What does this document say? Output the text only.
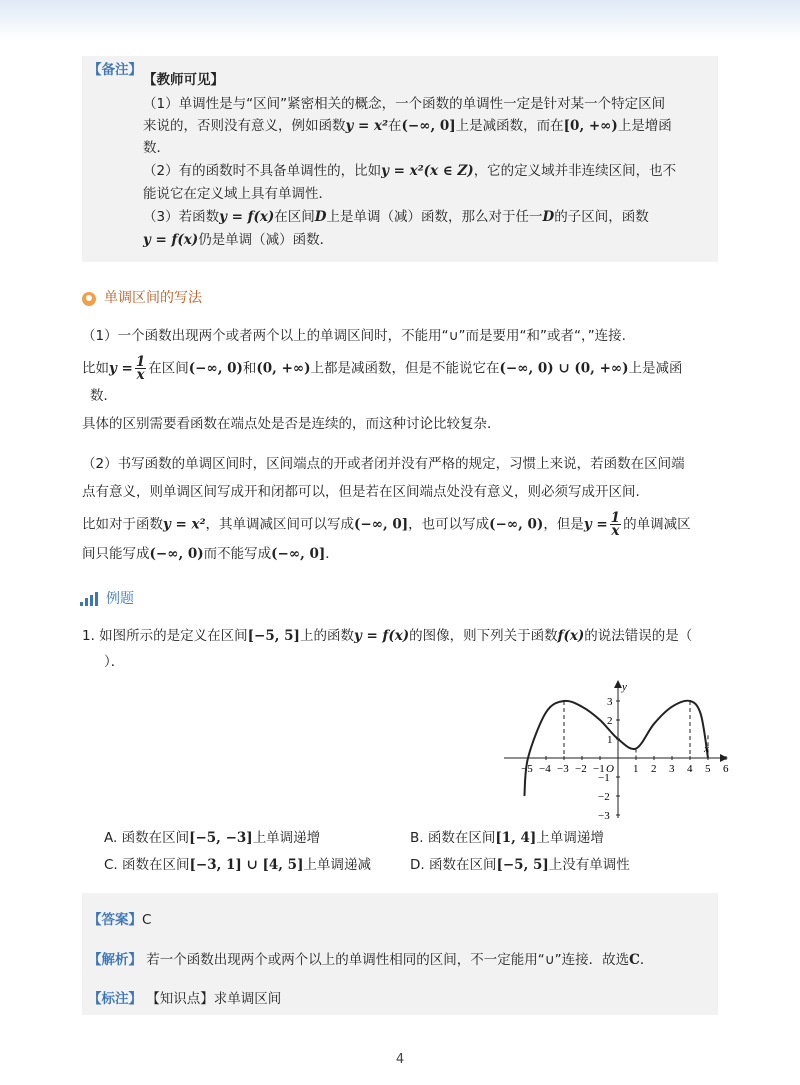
【备注】
【教师可见】
（1）单调性是与“区间”紧密相关的概念，一个函数的单调性一定是针对某一个特定区间
来说的，否则没有意义，例如函数y = x²在(−∞, 0]上是减函数，而在[0, +∞)上是增函
数．
（2）有的函数时不具备单调性的，比如y = x²(x ∈ Z)，它的定义域并非连续区间，也不
能说它在定义域上具有单调性．
（3）若函数y = f(x)在区间D上是单调（减）函数，那么对于任一D的子区间，函数
y = f(x)仍是单调（减）函数．
单调区间的写法
（1）一个函数出现两个或者两个以上的单调区间时，不能用“∪”而是要用“和”或者“，”连接.
比如$y = \frac{1}{x}$ 在区间(−∞, 0)和(0, +∞)上都是减函数，但是不能说它在(−∞, 0) ∪ (0, +∞)上是减函
数．
具体的区别需要看函数在端点处是否是连续的，而这种讨论比较复杂．
（2）书写函数的单调区间时，区间端点的开或者闭并没有严格的规定，习惯上来说，若函数在区间端
点有意义，则单调区间写成开和闭都可以，但是若在区间端点处没有意义，则必须写成开区间.
比如对于函数y = x²，其单调减区间可以写成(−∞, 0]，也可以写成(−∞, 0)，但是$y = \frac{1}{x}$ 的单调减区
间只能写成(−∞, 0)而不能写成(−∞, 0]．
例题
1. 如图所示的是定义在区间[−5, 5]上的函数y = f(x)的图像，则下列关于函数f(x)的说法错误的是（
）．
−5 −4 −3 −2 −1	1 2 3 4 5 6
3
2
1
−1
−2
−3
x
y
O
A. 函数在区间[−5, −3]上单调递增	B. 函数在区间[1, 4]上单调递增
C. 函数在区间[−3, 1] ∪ [4, 5]上单调递减	D. 函数在区间[−5, 5]上没有单调性
【答案】C
【解析】 若一个函数出现两个或两个以上的单调性相同的区间，不一定能用“∪”连接．故选C．
【标注】 【知识点】求单调区间
4
